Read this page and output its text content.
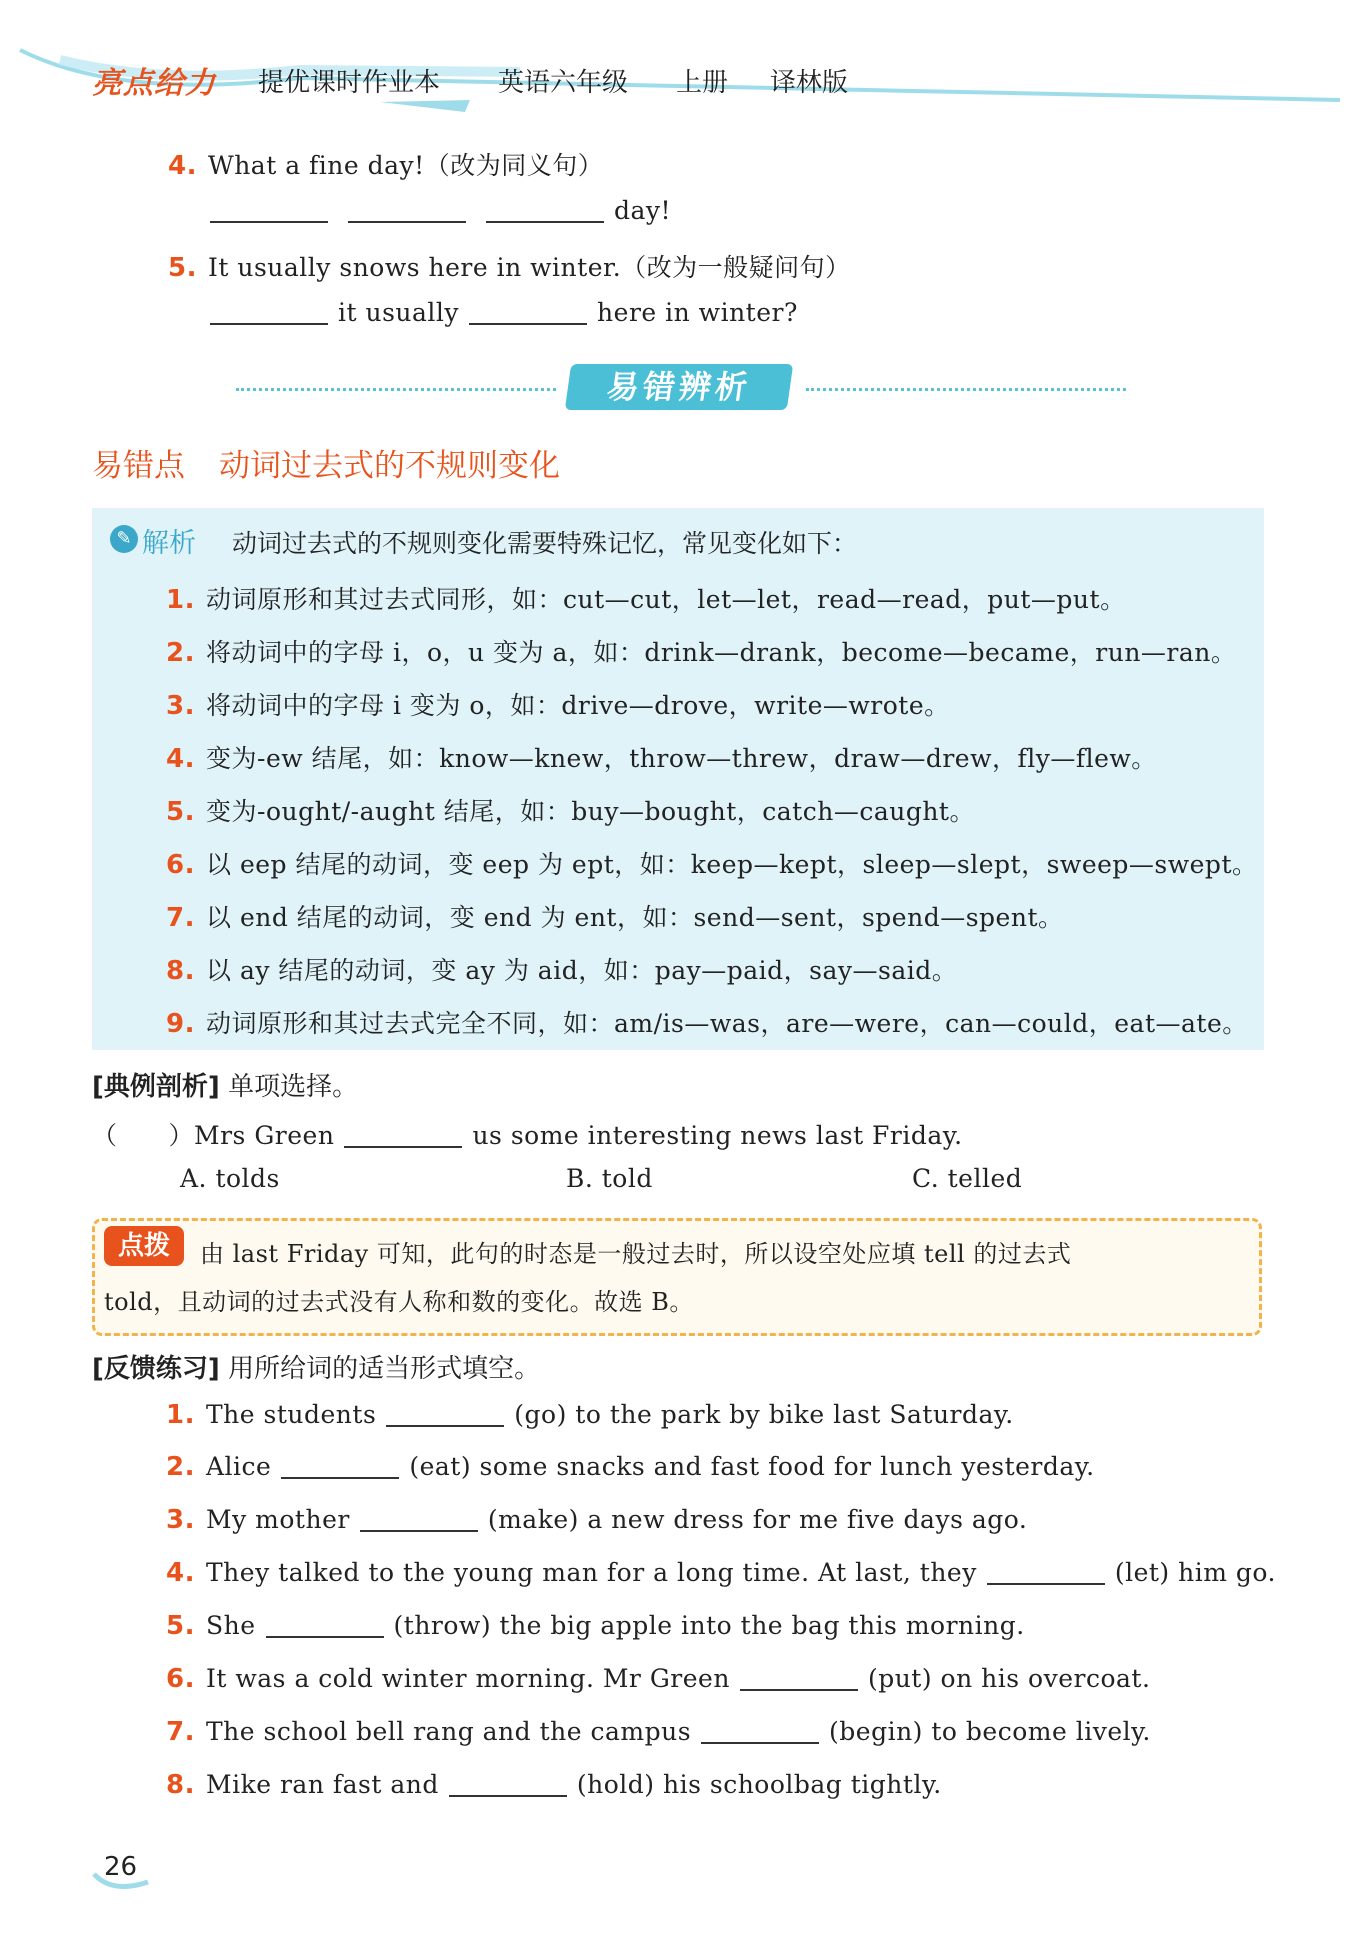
亮点给力 提优课时作业本 英语六年级 上册 译林版
4. What a fine day!（改为同义句）
day!
5. It usually snows here in winter.（改为一般疑问句）
it usually	here in winter?
易错辨析
易错点 动词过去式的不规则变化
✎ 解析 动词过去式的不规则变化需要特殊记忆，常见变化如下：
1. 动词原形和其过去式同形，如：cut—cut，let—let，read—read，put—put。
2. 将动词中的字母 i，o，u 变为 a，如：drink—drank，become—became，run—ran。
3. 将动词中的字母 i 变为 o，如：drive—drove，write—wrote。
4. 变为-ew 结尾，如：know—knew，throw—threw，draw—drew，fly—flew。
5. 变为-ought/-aught 结尾，如：buy—bought，catch—caught。
6. 以 eep 结尾的动词，变 eep 为 ept，如：keep—kept，sleep—slept，sweep—swept。
7. 以 end 结尾的动词，变 end 为 ent，如：send—sent，spend—spent。
8. 以 ay 结尾的动词，变 ay 为 aid，如：pay—paid，say—said。
9. 动词原形和其过去式完全不同，如：am/is—was，are—were，can—could，eat—ate。
[典例剖析] 单项选择。
（　　）Mrs Green	us some interesting news last Friday.
A. tolds	B. told	C. telled
点拨	由 last Friday 可知，此句的时态是一般过去时，所以设空处应填 tell 的过去式
told，且动词的过去式没有人称和数的变化。故选 B。
[反馈练习] 用所给词的适当形式填空。
1. The students	(go) to the park by bike last Saturday.
2. Alice	(eat) some snacks and fast food for lunch yesterday.
3. My mother	(make) a new dress for me five days ago.
4. They talked to the young man for a long time. At last, they	(let) him go.
5. She	(throw) the big apple into the bag this morning.
6. It was a cold winter morning. Mr Green	(put) on his overcoat.
7. The school bell rang and the campus	(begin) to become lively.
8. Mike ran fast and	(hold) his schoolbag tightly.
26
